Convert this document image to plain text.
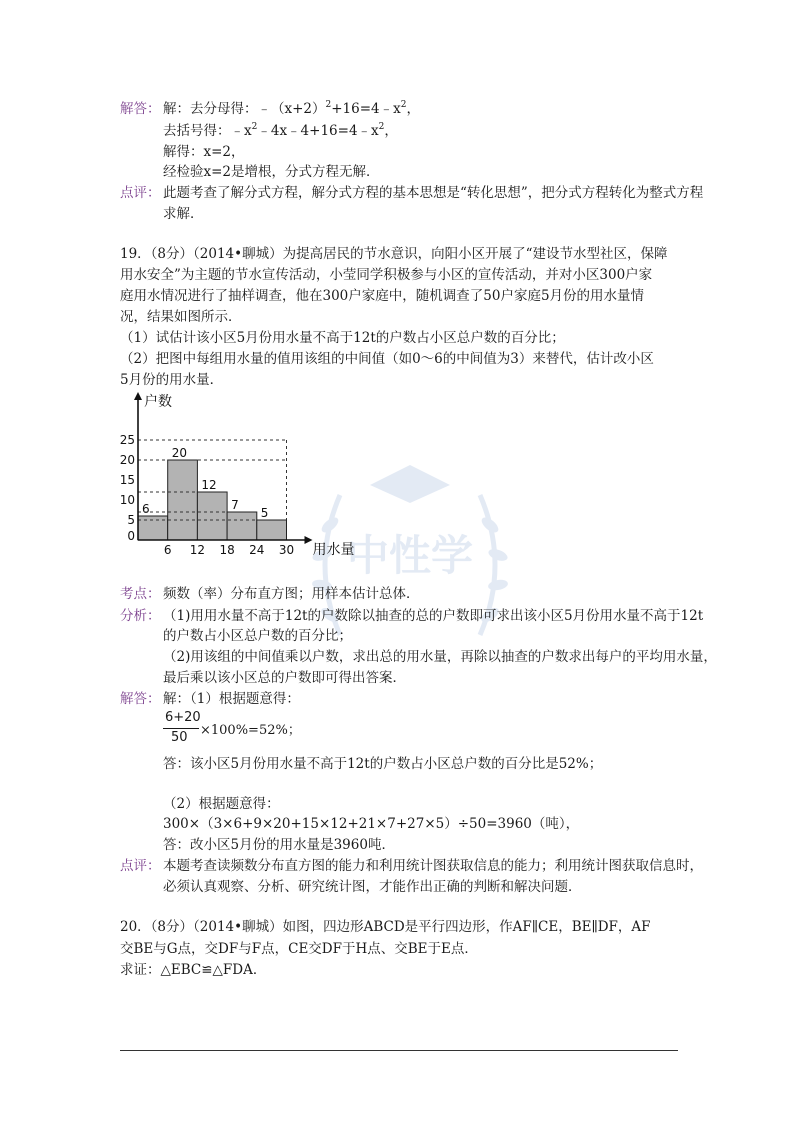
中性学
解答： 解：去分母得：$﹣(x+2)^2+16=4﹣x^2$，
去括号得：$﹣x^2﹣4x﹣4+16=4﹣x^2$，
解得：x=2，
经检验x=2是增根，分式方程无解．
点评： 此题考查了解分式方程，解分式方程的基本思想是“转化思想”，把分式方程转化为整式方程
求解．
19．（8分）（2014•聊城）为提高居民的节水意识，向阳小区开展了“建设节水型社区，保障
用水安全”为主题的节水宣传活动，小莹同学积极参与小区的宣传活动，并对小区300户家
庭用水情况进行了抽样调查，他在300户家庭中，随机调查了50户家庭5月份的用水量情
况，结果如图所示．
（1）试估计该小区5月份用水量不高于12t的户数占小区总户数的百分比；
（2）把图中每组用水量的值用该组的中间值（如0～6的中间值为3）来替代，估计改小区
5月份的用水量．
6
20
12
7
5
6 12 18 24 30
0
5
10
15
20
25
户数
用水量
考点： 频数（率）分布直方图；用样本估计总体．
分析： （1)用用水量不高于12t的户数除以抽查的总的户数即可求出该小区5月份用水量不高于12t
的户数占小区总户数的百分比；
（2)用该组的中间值乘以户数，求出总的用水量，再除以抽查的户数求出每户的平均用水量，
最后乘以该小区总的户数即可得出答案．
解答： 解：（1）根据题意得：
6+20
50 ×100%=52%；
答：该小区5月份用水量不高于12t的户数占小区总户数的百分比是52%；
（2）根据题意得：
300×（3×6+9×20+15×12+21×7+27×5）÷50=3960（吨），
答：改小区5月份的用水量是3960吨．
点评： 本题考查读频数分布直方图的能力和利用统计图获取信息的能力；利用统计图获取信息时，
必须认真观察、分析、研究统计图，才能作出正确的判断和解决问题．
20．（8分）（2014•聊城）如图，四边形ABCD是平行四边形，作AF∥CE，BE∥DF，AF
交BE与G点，交DF与F点，CE交DF于H点、交BE于E点．
求证：△EBC≌△FDA．
